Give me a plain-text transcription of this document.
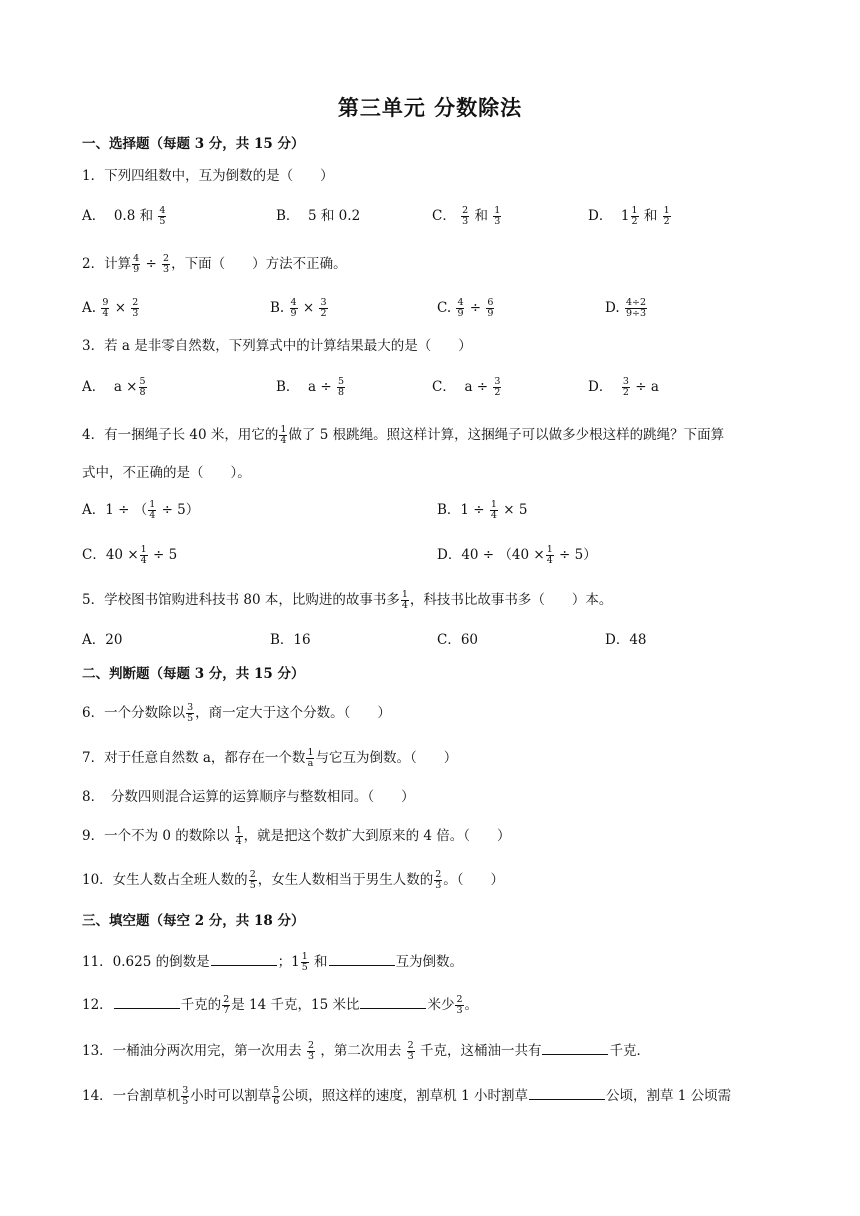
第三单元 分数除法
一、选择题（每题 3 分，共 15 分）
1．下列四组数中，互为倒数的是（　　）
A． 0.8 和 $\frac{4}{5}$	B． 5 和 0.2	C． $\frac{2}{3}$ 和 $\frac{1}{3}$	D． $1 \frac{1}{2}$ 和 $\frac{1}{2}$
2．计算 $\frac{4}{9} \div \frac{2}{3}$ ，下面（　　）方法不正确。
A. $\frac{9}{4} \times \frac{2}{3}$	B. $\frac{4}{9} \times \frac{3}{2}$	C. $\frac{4}{9} \div \frac{6}{9}$	D. $\frac{4\div 2}{9\div 3}$
3．若 a 是非零自然数，下列算式中的计算结果最大的是（　　）
A． $a \times \frac{5}{8}$	B． $a \div \frac{5}{8}$	C． $a \div \frac{3}{2}$	D． $\frac{3}{2} \div a$
4．有一捆绳子长 40 米，用它的 $\frac{1}{4}$ 做了 5 根跳绳。照这样计算，这捆绳子可以做多少根这样的跳绳？下面算
式中，不正确的是（　　）。
A．1 ÷ （ $\frac{1}{4} \div 5$）	B．$1 \div \frac{1}{4} \times 5$
C．$40 \times \frac{1}{4} \div 5$	D．$40 \div (40 \times \frac{1}{4} \div 5)$
5．学校图书馆购进科技书 80 本，比购进的故事书多 $\frac{1}{4}$ ，科技书比故事书多（　　）本。
A．20	B．16	C．60	D．48
二、判断题（每题 3 分，共 15 分）
6．一个分数除以 $\frac{3}{5}$ ，商一定大于这个分数。（　　）
7．对于任意自然数 a，都存在一个数 $\frac{1}{a}$ 与它互为倒数。（　　）
8．　分数四则混合运算的运算顺序与整数相同。（　　）
9．一个不为 0 的数除以 $\frac{1}{4}$ ，就是把这个数扩大到原来的 4 倍。（　　）
10．女生人数占全班人数的 $\frac{2}{5}$ ，女生人数相当于男生人数的 $\frac{2}{3}$ 。（　　）
三、填空题（每空 2 分，共 18 分）
11．0.625 的倒数是	；$1 \frac{1}{5}$ 和	互为倒数。
12．	千克的 $\frac{2}{7}$ 是 14 千克，15 米比	米少 $\frac{2}{3}$ 。
13．一桶油分两次用完，第一次用去 $\frac{2}{3}$ ，第二次用去 $\frac{2}{3}$ 千克，这桶油一共有	千克．
14．一台割草机 $\frac{3}{5}$ 小时可以割草 $\frac{5}{6}$ 公顷，照这样的速度，割草机 1 小时割草	公顷，割草 1 公顷需
